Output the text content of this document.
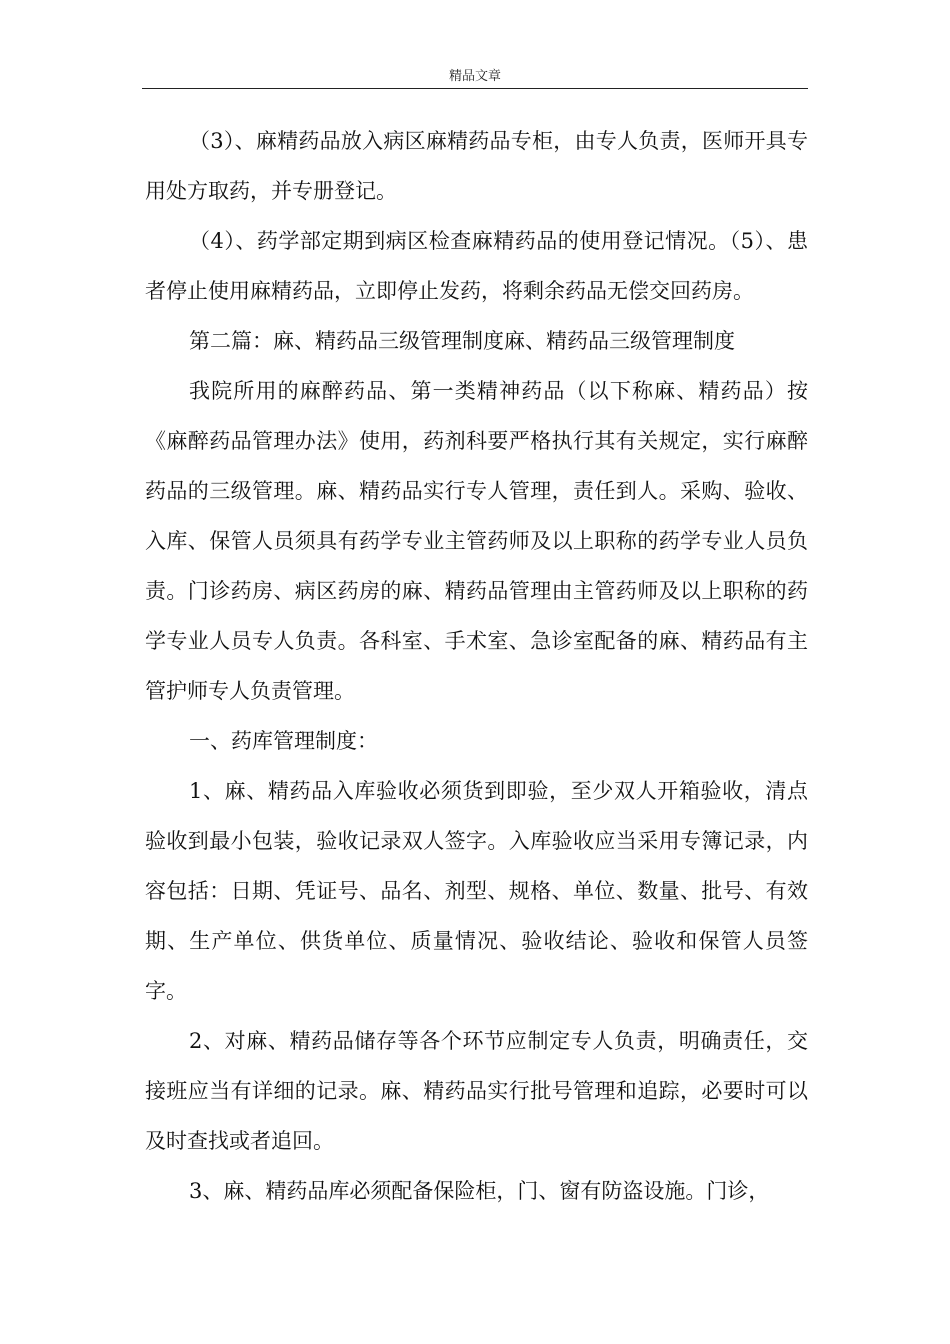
精品文章

（3）、麻精药品放入病区麻精药品专柜，由专人负责，医师开具专用处方取药，并专册登记。

（4）、药学部定期到病区检查麻精药品的使用登记情况。（5）、患者停止使用麻精药品，立即停止发药，将剩余药品无偿交回药房。

第二篇：麻、精药品三级管理制度麻、精药品三级管理制度

我院所用的麻醉药品、第一类精神药品（以下称麻、精药品）按《麻醉药品管理办法》使用，药剂科要严格执行其有关规定，实行麻醉药品的三级管理。麻、精药品实行专人管理，责任到人。采购、验收、入库、保管人员须具有药学专业主管药师及以上职称的药学专业人员负责。门诊药房、病区药房的麻、精药品管理由主管药师及以上职称的药学专业人员专人负责。各科室、手术室、急诊室配备的麻、精药品有主管护师专人负责管理。

一、药库管理制度：

1、麻、精药品入库验收必须货到即验，至少双人开箱验收，清点验收到最小包装，验收记录双人签字。入库验收应当采用专簿记录，内容包括：日期、凭证号、品名、剂型、规格、单位、数量、批号、有效期、生产单位、供货单位、质量情况、验收结论、验收和保管人员签字。

2、对麻、精药品储存等各个环节应制定专人负责，明确责任，交接班应当有详细的记录。麻、精药品实行批号管理和追踪，必要时可以及时查找或者追回。

3、麻、精药品库必须配备保险柜，门、窗有防盗设施。门诊，
